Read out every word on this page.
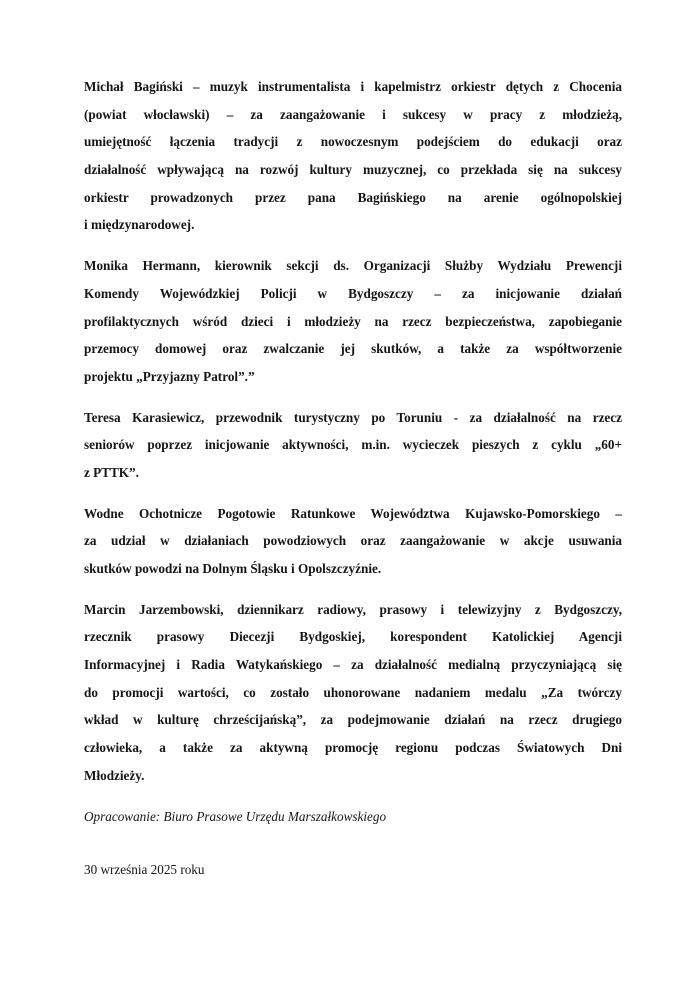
Michał Bagiński – muzyk instrumentalista i kapelmistrz orkiestr dętych z Chocenia
(powiat włocławski) – za zaangażowanie i sukcesy w pracy z młodzieżą,
umiejętność łączenia tradycji z nowoczesnym podejściem do edukacji oraz
działalność wpływającą na rozwój kultury muzycznej, co przekłada się na sukcesy
orkiestr prowadzonych przez pana Bagińskiego na arenie ogólnopolskiej
i międzynarodowej.
Monika Hermann, kierownik sekcji ds. Organizacji Służby Wydziału Prewencji
Komendy Wojewódzkiej Policji w Bydgoszczy – za inicjowanie działań
profilaktycznych wśród dzieci i młodzieży na rzecz bezpieczeństwa, zapobieganie
przemocy domowej oraz zwalczanie jej skutków, a także za współtworzenie
projektu „Przyjazny Patrol”.”
Teresa Karasiewicz, przewodnik turystyczny po Toruniu - za działalność na rzecz
seniorów poprzez inicjowanie aktywności, m.in. wycieczek pieszych z cyklu „60+
z PTTK”.
Wodne Ochotnicze Pogotowie Ratunkowe Województwa Kujawsko-Pomorskiego –
za udział w działaniach powodziowych oraz zaangażowanie w akcje usuwania
skutków powodzi na Dolnym Śląsku i Opolszczyźnie.
Marcin Jarzembowski, dziennikarz radiowy, prasowy i telewizyjny z Bydgoszczy,
rzecznik prasowy Diecezji Bydgoskiej, korespondent Katolickiej Agencji
Informacyjnej i Radia Watykańskiego – za działalność medialną przyczyniającą się
do promocji wartości, co zostało uhonorowane nadaniem medalu „Za twórczy
wkład w kulturę chrześcijańską”, za podejmowanie działań na rzecz drugiego
człowieka, a także za aktywną promocję regionu podczas Światowych Dni
Młodzieży.

Opracowanie: Biuro Prasowe Urzędu Marszałkowskiego

30 września 2025 roku
